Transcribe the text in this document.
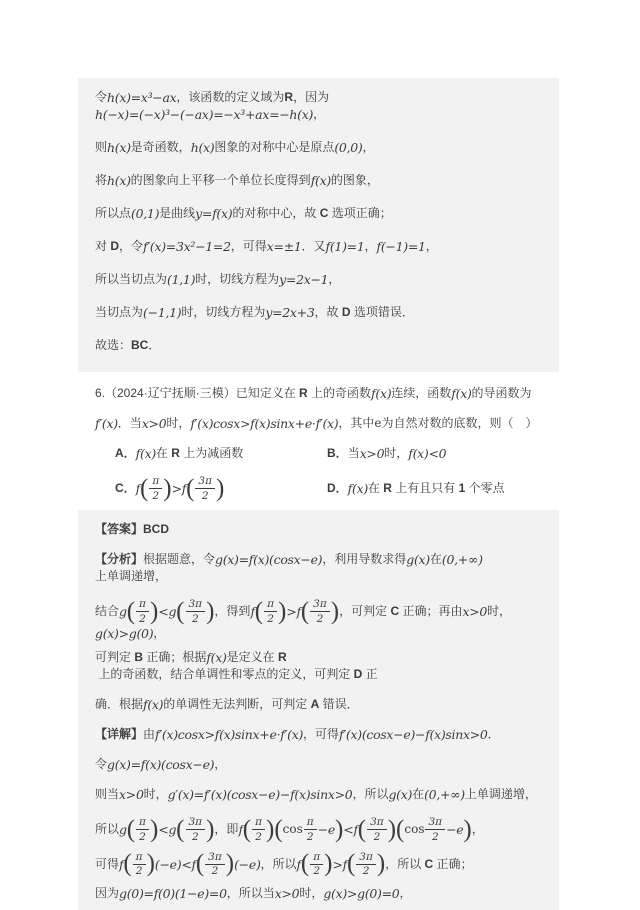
令 h(x)=x³−ax ，该函数的定义域为 R ，因为
h(−x)=(−x)³−(−ax)=−x³+ax=−h(x) ，
则 h(x) 是奇函数， h(x) 图象的对称中心是原点 (0,0) ，
将 h(x) 的图象向上平移一个单位长度得到 f(x) 的图象，
所以点 (0,1) 是曲线 y=f(x) 的对称中心，故 C 选项正确；
对 D ，令 f′(x)=3x²−1=2 ，可得 x=±1 ．又 f(1)=1 ， f(−1)=1 ，
所以当切点为 (1,1) 时，切线方程为 y=2x−1 ，
当切点为 (−1,1) 时，切线方程为 y=2x+3 ，故 D 选项错误．
故选： BC ．
6.（2024·辽宁抚顺·三模）已知定义在 R 上的奇函数 f(x) 连续，函数 f(x) 的导函数为
f′(x) ．当 x>0 时， f′(x)cosx>f(x)sinx+e·f′(x) ，其中 e 为自然对数的底数，则（　）
A． f(x) 在 R 上为减函数	B． 当 x>0 时， f(x)<0
C． f ( $\frac{\pi}{2}$ ) >f ( $\frac{3\pi}{2}$ )	D． f(x) 在 R 上有且只有 1 个零点
【答案】BCD
【分析】 根据题意，令 g(x)=f(x)(cosx−e) ，利用导数求得 g(x) 在 (0,+∞)
上单调递增，
结合 g ( $\frac{\pi}{2}$ ) <g ( $\frac{3\pi}{2}$ ) ，得到 f ( $\frac{\pi}{2}$ ) >f ( $\frac{3\pi}{2}$ ) ，可判定 C 正确；再由 x>0 时，
g(x)>g(0) ，
可判定 B 正确；根据 f(x) 是定义在 R
上的奇函数，结合单调性和零点的定义，可判定 D 正
确．根据 f(x) 的单调性无法判断，可判定 A 错误．
【详解】 由 f′(x)cosx>f(x)sinx+e·f′(x) ，可得 f′(x)(cosx−e)−f(x)sinx>0 ．
令 g(x)=f(x)(cosx−e) ，
则当 x>0 时， g′(x)=f′(x)(cosx−e)−f(x)sinx>0 ，所以 g(x) 在 (0,+∞) 上单调递增，
所以 g ( $\frac{\pi}{2}$ ) <g ( $\frac{3\pi}{2}$ ) ，即 f ( $\frac{\pi}{2}$ ) ( $\cos \frac{\pi}{2} -e$ ) <f ( $\frac{3\pi}{2}$ ) ( $\cos \frac{3\pi}{2} -e$ ) ，
可得 f ( $\frac{\pi}{2}$ ) (−e)<f ( $\frac{3\pi}{2}$ ) (−e) ，所以 f ( $\frac{\pi}{2}$ ) >f ( $\frac{3\pi}{2}$ ) ，所以 C 正确；
因为 g(0)=f(0)(1−e)=0 ，所以当 x>0 时， g(x)>g(0)=0 ，
